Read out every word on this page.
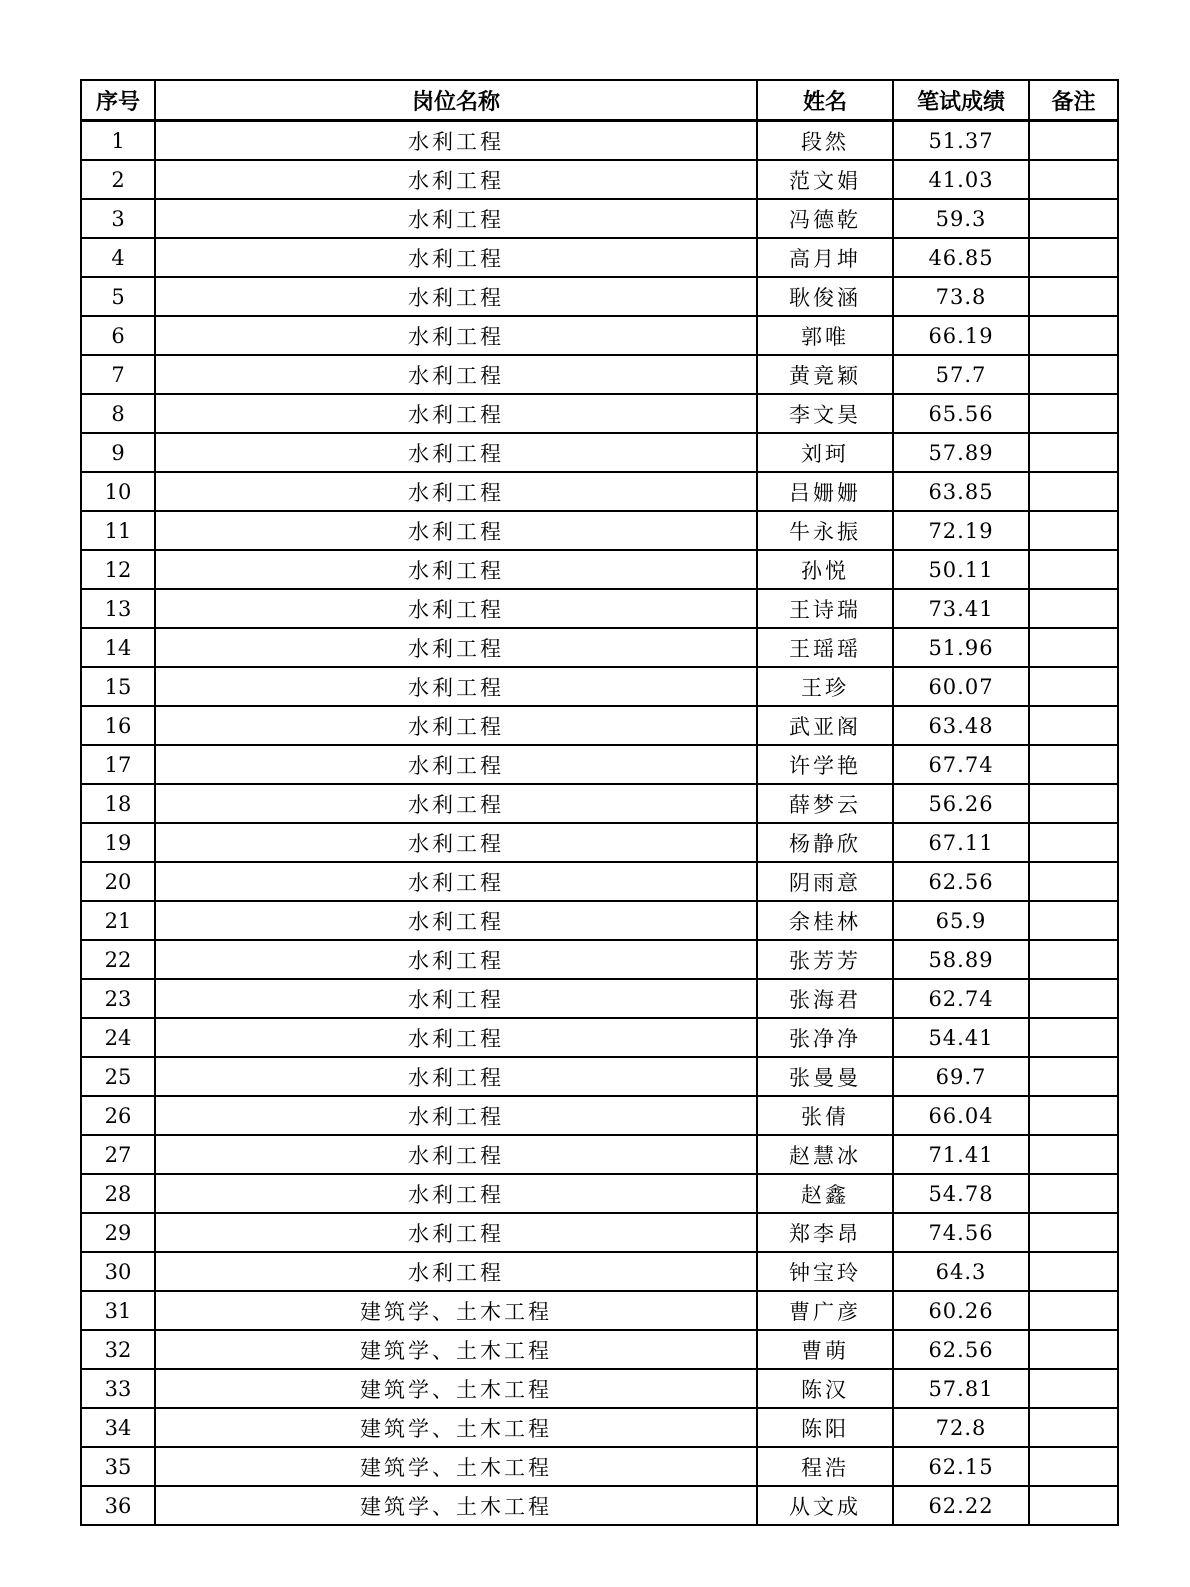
序号	岗位名称	姓名	笔试成绩	备注
1	水利工程	段然	51.37	
2	水利工程	范文娟	41.03	
3	水利工程	冯德乾	59.3	
4	水利工程	高月坤	46.85	
5	水利工程	耿俊涵	73.8	
6	水利工程	郭唯	66.19	
7	水利工程	黄竟颖	57.7	
8	水利工程	李文昊	65.56	
9	水利工程	刘珂	57.89	
10	水利工程	吕姗姗	63.85	
11	水利工程	牛永振	72.19	
12	水利工程	孙悦	50.11	
13	水利工程	王诗瑞	73.41	
14	水利工程	王瑶瑶	51.96	
15	水利工程	王珍	60.07	
16	水利工程	武亚阁	63.48	
17	水利工程	许学艳	67.74	
18	水利工程	薛梦云	56.26	
19	水利工程	杨静欣	67.11	
20	水利工程	阴雨意	62.56	
21	水利工程	余桂林	65.9	
22	水利工程	张芳芳	58.89	
23	水利工程	张海君	62.74	
24	水利工程	张净净	54.41	
25	水利工程	张曼曼	69.7	
26	水利工程	张倩	66.04	
27	水利工程	赵慧冰	71.41	
28	水利工程	赵鑫	54.78	
29	水利工程	郑李昂	74.56	
30	水利工程	钟宝玲	64.3	
31	建筑学、土木工程	曹广彦	60.26	
32	建筑学、土木工程	曹萌	62.56	
33	建筑学、土木工程	陈汉	57.81	
34	建筑学、土木工程	陈阳	72.8	
35	建筑学、土木工程	程浩	62.15	
36	建筑学、土木工程	从文成	62.22	
